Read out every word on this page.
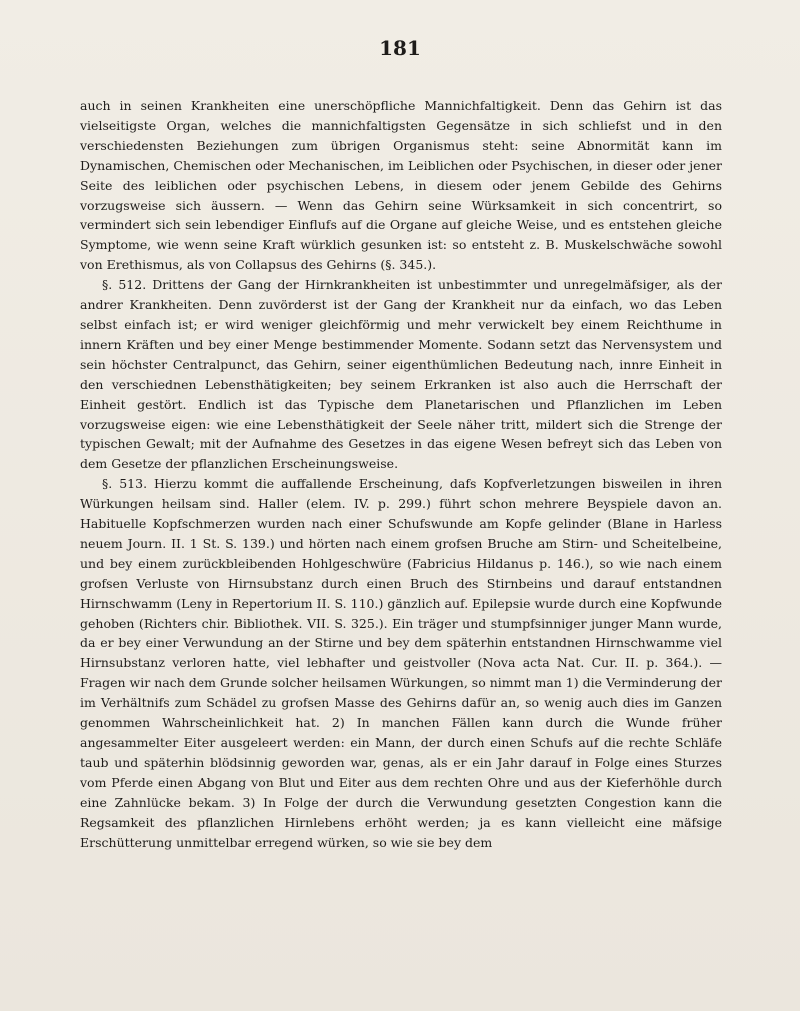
181

auch in seinen Krankheiten eine unerschöpfliche Mannichfaltigkeit. Denn das Gehirn ist das vielseitigste Organ, welches die mannichfaltigsten Gegensätze in sich schliefst und in den verschiedensten Beziehungen zum übrigen Organismus steht: seine Abnormität kann im Dynamischen, Chemischen oder Mechanischen, im Leiblichen oder Psychischen, in dieser oder jener Seite des leiblichen oder psychischen Lebens, in diesem oder jenem Gebilde des Gehirns vorzugsweise sich äussern. — Wenn das Gehirn seine Würksamkeit in sich concentrirt, so vermindert sich sein lebendiger Einflufs auf die Organe auf gleiche Weise, und es entstehen gleiche Symptome, wie wenn seine Kraft würklich gesunken ist: so entsteht z. B. Muskelschwäche sowohl von Erethismus, als von Collapsus des Gehirns (§. 345.).

§. 512. Drittens der Gang der Hirnkrankheiten ist unbestimmter und unregelmäfsiger, als der andrer Krankheiten. Denn zuvörderst ist der Gang der Krankheit nur da einfach, wo das Leben selbst einfach ist; er wird weniger gleichförmig und mehr verwickelt bey einem Reichthume in innern Kräften und bey einer Menge bestimmender Momente. Sodann setzt das Nervensystem und sein höchster Centralpunct, das Gehirn, seiner eigenthümlichen Bedeutung nach, innre Einheit in den verschiednen Lebensthätigkeiten; bey seinem Erkranken ist also auch die Herrschaft der Einheit gestört. Endlich ist das Typische dem Planetarischen und Pflanzlichen im Leben vorzugsweise eigen: wie eine Lebensthätigkeit der Seele näher tritt, mildert sich die Strenge der typischen Gewalt; mit der Aufnahme des Gesetzes in das eigene Wesen befreyt sich das Leben von dem Gesetze der pflanzlichen Erscheinungsweise.

§. 513. Hierzu kommt die auffallende Erscheinung, dafs Kopfverletzungen bisweilen in ihren Würkungen heilsam sind. Haller (elem. IV. p. 299.) führt schon mehrere Beyspiele davon an. Habituelle Kopfschmerzen wurden nach einer Schufswunde am Kopfe gelinder (Blane in Harless neuem Journ. II. 1 St. S. 139.) und hörten nach einem grofsen Bruche am Stirn- und Scheitelbeine, und bey einem zurückbleibenden Hohlgeschwüre (Fabricius Hildanus p. 146.), so wie nach einem grofsen Verluste von Hirnsubstanz durch einen Bruch des Stirnbeins und darauf entstandnen Hirnschwamm (Leny in Repertorium II. S. 110.) gänzlich auf. Epilepsie wurde durch eine Kopfwunde gehoben (Richters chir. Bibliothek. VII. S. 325.). Ein träger und stumpfsinniger junger Mann wurde, da er bey einer Verwundung an der Stirne und bey dem späterhin entstandnen Hirnschwamme viel Hirnsubstanz verloren hatte, viel lebhafter und geistvoller (Nova acta Nat. Cur. II. p. 364.). — Fragen wir nach dem Grunde solcher heilsamen Würkungen, so nimmt man 1) die Verminderung der im Verhältnifs zum Schädel zu grofsen Masse des Gehirns dafür an, so wenig auch dies im Ganzen genommen Wahrscheinlichkeit hat. 2) In manchen Fällen kann durch die Wunde früher angesammelter Eiter ausgeleert werden: ein Mann, der durch einen Schufs auf die rechte Schläfe taub und späterhin blödsinnig geworden war, genas, als er ein Jahr darauf in Folge eines Sturzes vom Pferde einen Abgang von Blut und Eiter aus dem rechten Ohre und aus der Kieferhöhle durch eine Zahnlücke bekam. 3) In Folge der durch die Verwundung gesetzten Congestion kann die Regsamkeit des pflanzlichen Hirnlebens erhöht werden; ja es kann vielleicht eine mäfsige Erschütterung unmittelbar erregend würken, so wie sie bey dem
